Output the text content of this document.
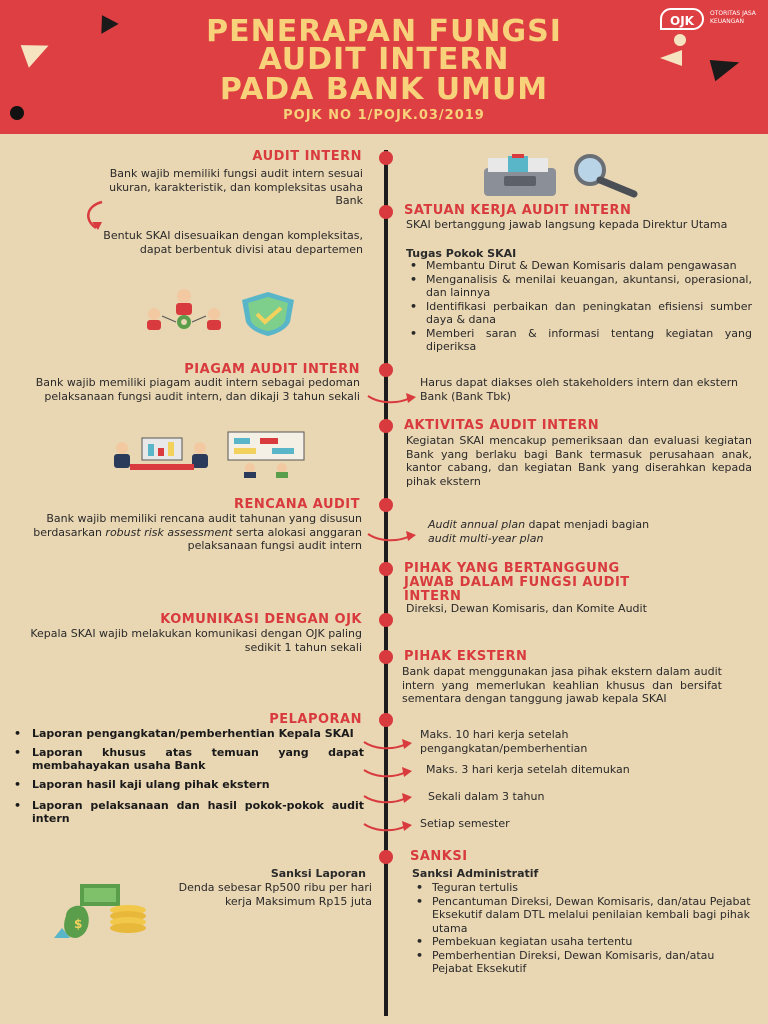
OJK
OTORITAS JASA KEUANGAN
PENERAPAN FUNGSI
AUDIT INTERN
PADA BANK UMUM
POJK NO 1/POJK.03/2019
AUDIT INTERN
Bank wajib memiliki fungsi audit intern sesuai ukuran, karakteristik, dan kompleksitas usaha Bank
Bentuk SKAI disesuaikan dengan kompleksitas, dapat berbentuk divisi atau departemen
SATUAN KERJA AUDIT INTERN
SKAI bertanggung jawab langsung kepada Direktur Utama
Tugas Pokok SKAI
• Membantu Dirut & Dewan Komisaris dalam pengawasan
• Menganalisis & menilai keuangan, akuntansi, operasional, dan lainnya
• Identifikasi perbaikan dan peningkatan efisiensi sumber daya & dana
• Memberi saran & informasi tentang kegiatan yang diperiksa
PIAGAM AUDIT INTERN
Bank wajib memiliki piagam audit intern sebagai pedoman pelaksanaan fungsi audit intern, dan dikaji 3 tahun sekali
Harus dapat diakses oleh stakeholders intern dan ekstern Bank (Bank Tbk)
AKTIVITAS AUDIT INTERN
Kegiatan SKAI mencakup pemeriksaan dan evaluasi kegiatan Bank yang berlaku bagi Bank termasuk perusahaan anak, kantor cabang, dan kegiatan Bank yang diserahkan kepada pihak ekstern
RENCANA AUDIT
Bank wajib memiliki rencana audit tahunan yang disusun berdasarkan robust risk assessment serta alokasi anggaran pelaksanaan fungsi audit intern
Audit annual plan dapat menjadi bagian
audit multi-year plan
PIHAK YANG BERTANGGUNG
JAWAB DALAM FUNGSI AUDIT
INTERN
Direksi, Dewan Komisaris, dan Komite Audit
KOMUNIKASI DENGAN OJK
Kepala SKAI wajib melakukan komunikasi dengan OJK paling sedikit 1 tahun sekali
PIHAK EKSTERN
Bank dapat menggunakan jasa pihak ekstern dalam audit intern yang memerlukan keahlian khusus dan bersifat sementara dengan tanggung jawab kepala SKAI
PELAPORAN
• Laporan pengangkatan/pemberhentian Kepala SKAI
• Laporan khusus atas temuan yang dapat membahayakan usaha Bank
• Laporan hasil kaji ulang pihak ekstern
• Laporan pelaksanaan dan hasil pokok-pokok audit intern
Maks. 10 hari kerja setelah pengangkatan/pemberhentian
Maks. 3 hari kerja setelah ditemukan
Sekali dalam 3 tahun
Setiap semester
SANKSI
Sanksi Laporan
Denda sebesar Rp500 ribu per hari kerja Maksimum Rp15 juta
Sanksi Administratif
• Teguran tertulis
• Pencantuman Direksi, Dewan Komisaris, dan/atau Pejabat Eksekutif dalam DTL melalui penilaian kembali bagi pihak utama
• Pembekuan kegiatan usaha tertentu
• Pemberhentian Direksi, Dewan Komisaris, dan/atau Pejabat Eksekutif
$
